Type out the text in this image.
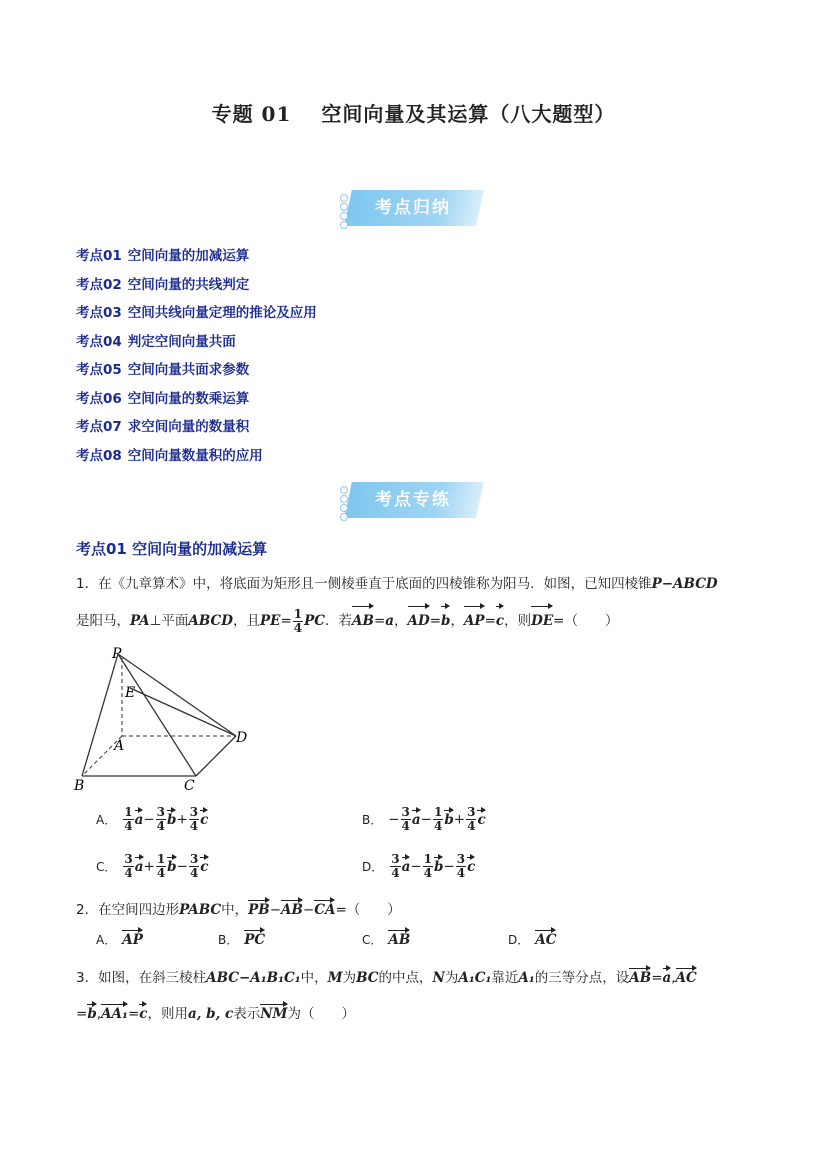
专题 01 空间向量及其运算（八大题型）
考点归纳
考点01 空间向量的加减运算
考点02 空间向量的共线判定
考点03 空间共线向量定理的推论及应用
考点04 判定空间向量共面
考点05 空间向量共面求参数
考点06 空间向量的数乘运算
考点07 求空间向量的数量积
考点08 空间向量数量积的应用
考点专练
考点01 空间向量的加减运算
1．在《九章算术》中，将底面为矩形且一侧棱垂直于底面的四棱锥称为阳马．如图，已知四棱锥P−ABCD
是阳马，PA⊥平面ABCD，且$PE= \frac{1}{4}$ PC．若AB=a，AD=b，AP=c，则DE=（　　）
P
E
A	D
B	C
A． $\frac{1}{4} a- \frac{3}{4} b+ \frac{3}{4}$ c	B． − $\frac{3}{4} a- \frac{1}{4} b+ \frac{3}{4}$ c
C． $\frac{3}{4} a+ \frac{1}{4} b- \frac{3}{4}$ c	D． $\frac{3}{4} a- \frac{1}{4} b- \frac{3}{4}$ c
2．在空间四边形PABC中，PB−AB−CA=（　　）
A． AP	B． PC	C． AB	D． AC
3．如图，在斜三棱柱ABC−A₁B₁C₁中，M为BC的中点，N为A₁C₁靠近A₁的三等分点，设AB=a,AC
=b,AA₁=c，则用a, b, c表示NM为（　　）
